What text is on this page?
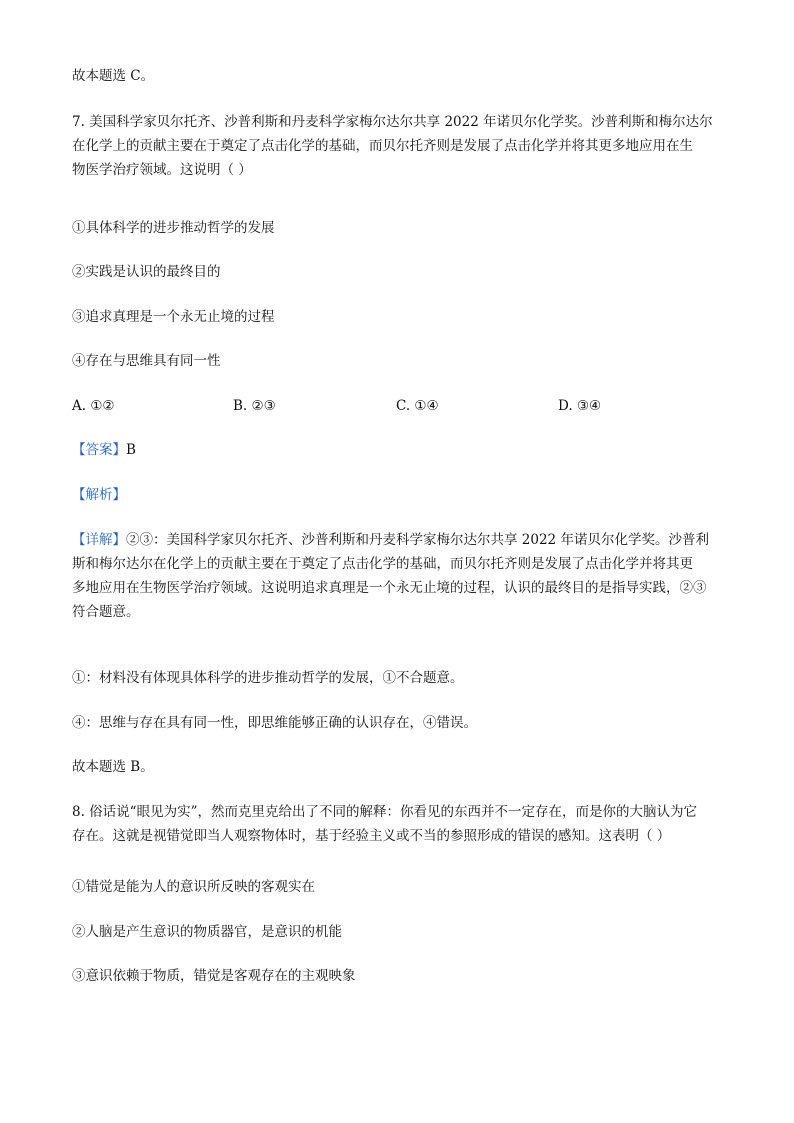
故本题选 C。
7. 美国科学家贝尔托齐、沙普利斯和丹麦科学家梅尔达尔共享 2022 年诺贝尔化学奖。沙普利斯和梅尔达尔
在化学上的贡献主要在于奠定了点击化学的基础，而贝尔托齐则是发展了点击化学并将其更多地应用在生
物医学治疗领域。这说明（ ）
①具体科学的进步推动哲学的发展
②实践是认识的最终目的
③追求真理是一个永无止境的过程
④存在与思维具有同一性
A. ①②	B. ②③	C. ①④	D. ③④
【答案】B
【解析】
【详解】②③：美国科学家贝尔托齐、沙普利斯和丹麦科学家梅尔达尔共享 2022 年诺贝尔化学奖。沙普利
斯和梅尔达尔在化学上的贡献主要在于奠定了点击化学的基础，而贝尔托齐则是发展了点击化学并将其更
多地应用在生物医学治疗领域。这说明追求真理是一个永无止境的过程，认识的最终目的是指导实践，②③
符合题意。
①：材料没有体现具体科学的进步推动哲学的发展，①不合题意。
④：思维与存在具有同一性，即思维能够正确的认识存在，④错误。
故本题选 B。
8. 俗话说“眼见为实”，然而克里克给出了不同的解释：你看见的东西并不一定存在，而是你的大脑认为它
存在。这就是视错觉即当人观察物体时，基于经验主义或不当的参照形成的错误的感知。这表明（ ）
①错觉是能为人的意识所反映的客观实在
②人脑是产生意识的物质器官，是意识的机能
③意识依赖于物质，错觉是客观存在的主观映象
